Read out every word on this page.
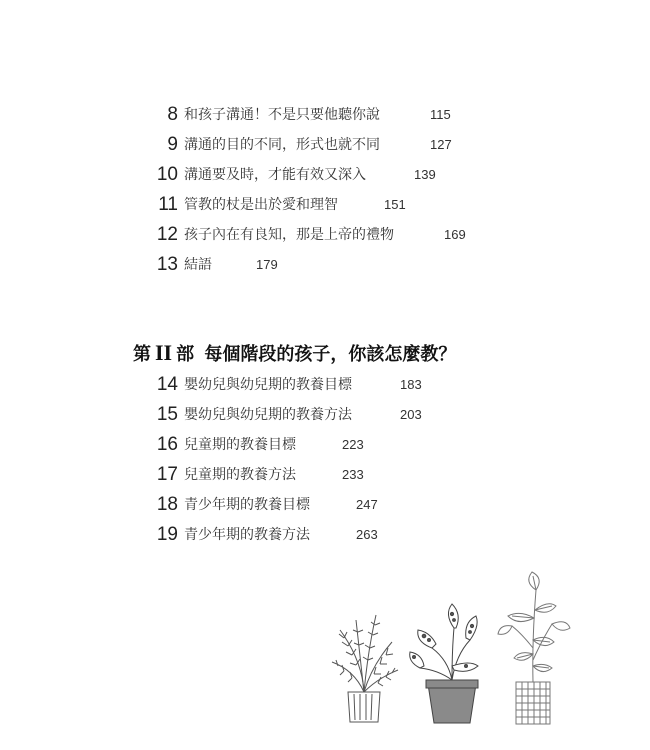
8 和孩子溝通！不是只要他聽你說	115
9 溝通的目的不同，形式也就不同	127
10 溝通要及時，才能有效又深入	139
11 管教的杖是出於愛和理智	151
12 孩子內在有良知，那是上帝的禮物	169
13 結語	179
第 II 部 每個階段的孩子，你該怎麼教？
14 嬰幼兒與幼兒期的教養目標	183
15 嬰幼兒與幼兒期的教養方法	203
16 兒童期的教養目標	223
17 兒童期的教養方法	233
18 青少年期的教養目標	247
19 青少年期的教養方法	263
